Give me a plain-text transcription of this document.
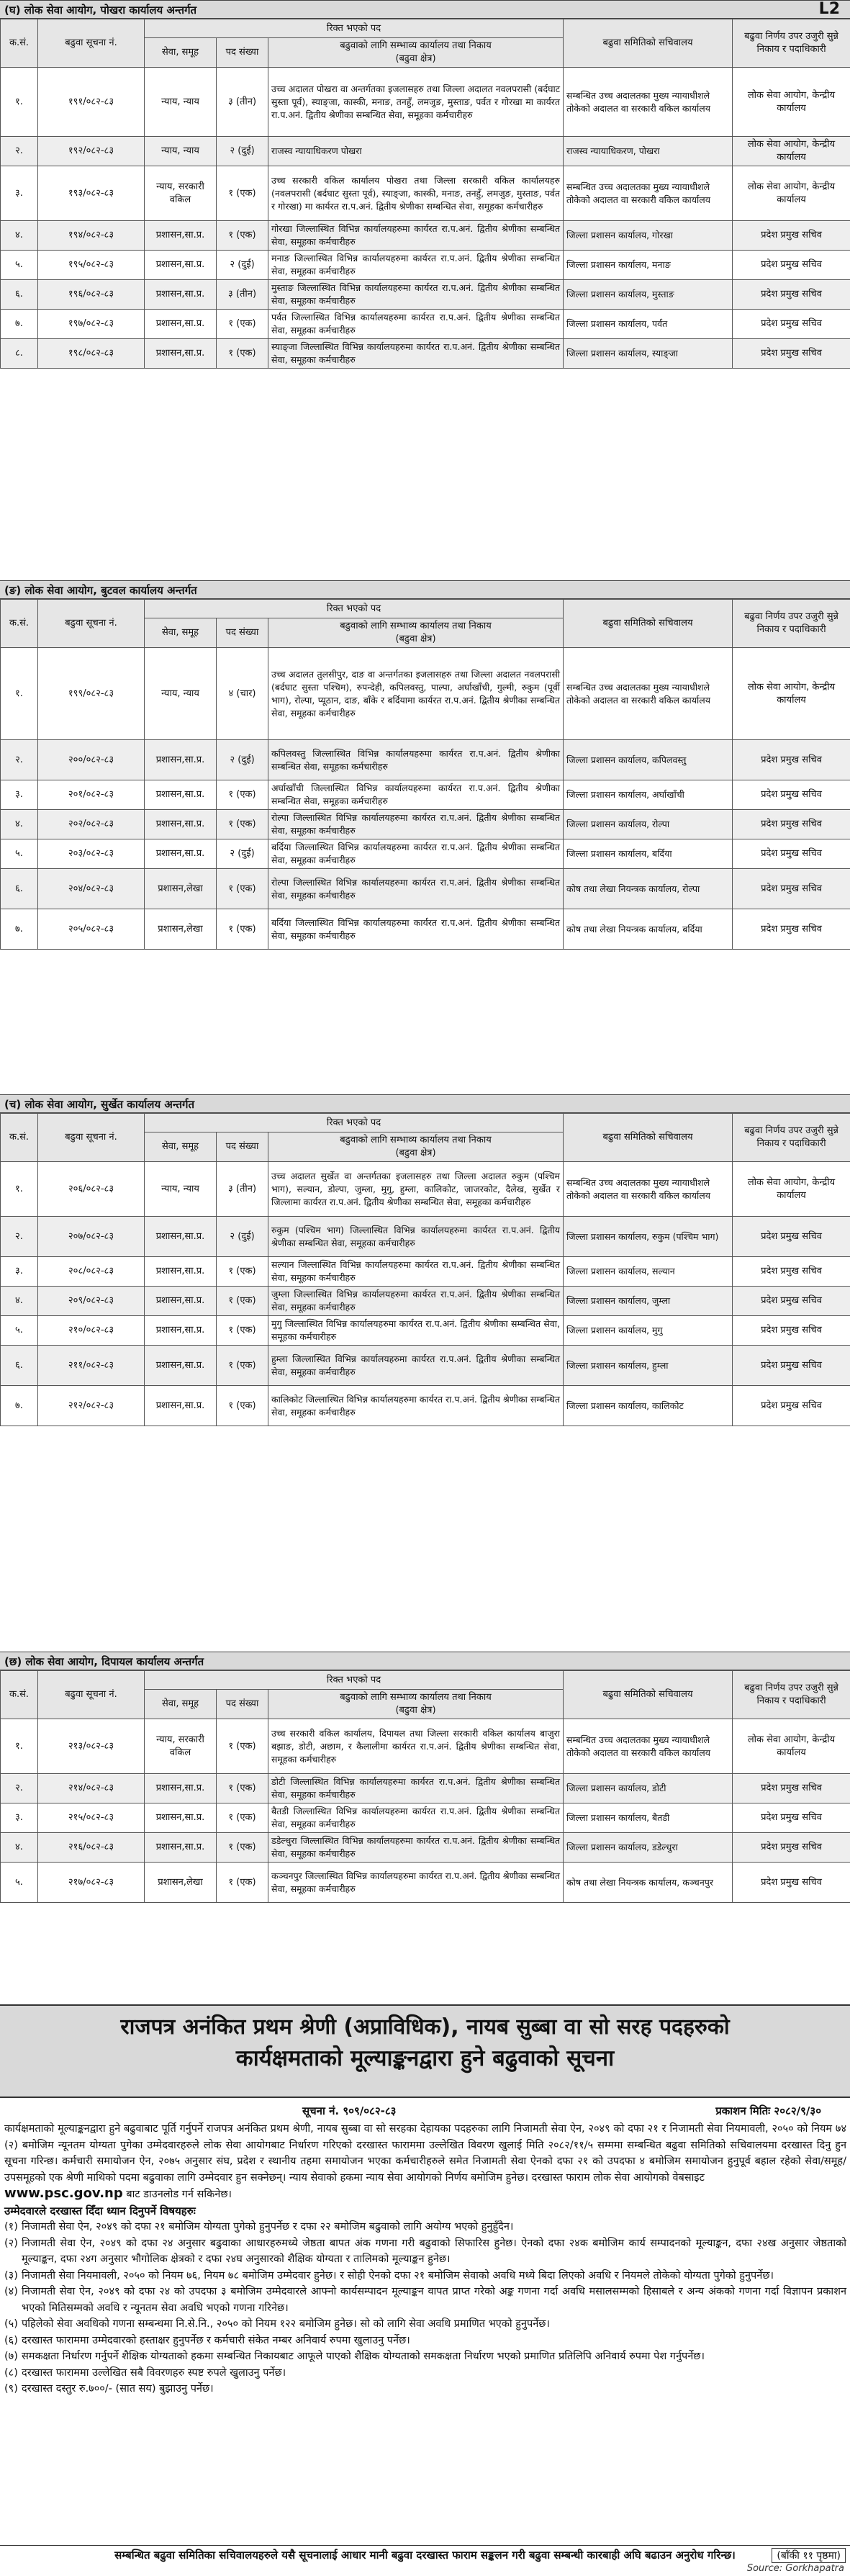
(घ) लोक सेवा आयोग, पोखरा कार्यालय अन्तर्गत	L2
क.सं.	बढुवा सूचना नं.	रिक्त भएको पद			बढुवा समितिको सचिवालय	बढुवा निर्णय उपर उजुरी सुन्ने निकाय र पदाधिकारी
		सेवा, समूह	पद संख्या	बढुवाको लागि सम्भाव्य कार्यालय तथा निकाय
(बढुवा क्षेत्र)		

१.	१९१/०८२-८३	न्याय, न्याय	३ (तीन)	उच्च अदालत पोखरा वा अन्तर्गतका इजलासहरु तथा जिल्ला अदालत नवलपरासी (बर्दघाट सुस्ता पूर्व), स्याङ्जा, कास्की, मनाङ, तनहुँ, लमजुङ, मुस्ताङ, पर्वत र गोरखा मा कार्यरत रा.प.अनं. द्वितीय श्रेणीका सम्बन्धित सेवा, समूहका कर्मचारीहरु	सम्बन्धित उच्च अदालतका मुख्य न्यायाधीशले तोकेको अदालत वा सरकारी वकिल कार्यालय	लोक सेवा आयोग, केन्द्रीय कार्यालय
२.	१९२/०८२-८३	न्याय, न्याय	२ (दुई)	राजस्व न्यायाधिकरण पोखरा	राजस्व न्यायाधिकरण, पोखरा	लोक सेवा आयोग, केन्द्रीय कार्यालय
३.	१९३/०८२-८३	न्याय, सरकारी वकिल	१ (एक)	उच्च सरकारी वकिल कार्यालय पोखरा तथा जिल्ला सरकारी वकिल कार्यालयहरु (नवलपरासी (बर्दघाट सुस्ता पूर्व), स्याङ्जा, कास्की, मनाङ, तनहुँ, लमजुङ, मुस्ताङ, पर्वत र गोरखा) मा कार्यरत रा.प.अनं. द्वितीय श्रेणीका सम्बन्धित सेवा, समूहका कर्मचारीहरु	सम्बन्धित उच्च अदालतका मुख्य न्यायाधीशले तोकेको अदालत वा सरकारी वकिल कार्यालय	लोक सेवा आयोग, केन्द्रीय कार्यालय
४.	१९४/०८२-८३	प्रशासन,सा.प्र.	१ (एक)	गोरखा जिल्लास्थित विभिन्न कार्यालयहरुमा कार्यरत रा.प.अनं. द्वितीय श्रेणीका सम्बन्धित सेवा, समूहका कर्मचारीहरु	जिल्ला प्रशासन कार्यालय, गोरखा	प्रदेश प्रमुख सचिव
५.	१९५/०८२-८३	प्रशासन,सा.प्र.	२ (दुई)	मनाङ जिल्लास्थित विभिन्न कार्यालयहरुमा कार्यरत रा.प.अनं. द्वितीय श्रेणीका सम्बन्धित सेवा, समूहका कर्मचारीहरु	जिल्ला प्रशासन कार्यालय, मनाङ	प्रदेश प्रमुख सचिव
६.	१९६/०८२-८३	प्रशासन,सा.प्र.	३ (तीन)	मुस्ताङ जिल्लास्थित विभिन्न कार्यालयहरुमा कार्यरत रा.प.अनं. द्वितीय श्रेणीका सम्बन्धित सेवा, समूहका कर्मचारीहरु	जिल्ला प्रशासन कार्यालय, मुस्ताङ	प्रदेश प्रमुख सचिव
७.	१९७/०८२-८३	प्रशासन,सा.प्र.	१ (एक)	पर्वत जिल्लास्थित विभिन्न कार्यालयहरुमा कार्यरत रा.प.अनं. द्वितीय श्रेणीका सम्बन्धित सेवा, समूहका कर्मचारीहरु	जिल्ला प्रशासन कार्यालय, पर्वत	प्रदेश प्रमुख सचिव
८.	१९८/०८२-८३	प्रशासन,सा.प्र.	१ (एक)	स्याङ्जा जिल्लास्थित विभिन्न कार्यालयहरुमा कार्यरत रा.प.अनं. द्वितीय श्रेणीका सम्बन्धित सेवा, समूहका कर्मचारीहरु	जिल्ला प्रशासन कार्यालय, स्याङ्जा	प्रदेश प्रमुख सचिव
(ङ) लोक सेवा आयोग, बुटवल कार्यालय अन्तर्गत
क.सं.	बढुवा सूचना नं.	रिक्त भएको पद			बढुवा समितिको सचिवालय	बढुवा निर्णय उपर उजुरी सुन्ने निकाय र पदाधिकारी
		सेवा, समूह	पद संख्या	बढुवाको लागि सम्भाव्य कार्यालय तथा निकाय
(बढुवा क्षेत्र)		

१.	१९९/०८२-८३	न्याय, न्याय	४ (चार)	उच्च अदालत तुलसीपुर, दाङ वा अन्तर्गतका इजलासहरु तथा जिल्ला अदालत नवलपरासी (बर्दघाट सुस्ता पश्चिम), रुपन्देही, कपिलवस्तु, पाल्पा, अर्घाखाँची, गुल्मी, रुकुम (पूर्वी भाग), रोल्पा, प्यूठान, दाङ, बाँके र बर्दियामा कार्यरत रा.प.अनं. द्वितीय श्रेणीका सम्बन्धित सेवा, समूहका कर्मचारीहरु	सम्बन्धित उच्च अदालतका मुख्य न्यायाधीशले तोकेको अदालत वा सरकारी वकिल कार्यालय	लोक सेवा आयोग, केन्द्रीय कार्यालय
२.	२००/०८२-८३	प्रशासन,सा.प्र.	२ (दुई)	कपिलवस्तु जिल्लास्थित विभिन्न कार्यालयहरुमा कार्यरत रा.प.अनं. द्वितीय श्रेणीका सम्बन्धित सेवा, समूहका कर्मचारीहरु	जिल्ला प्रशासन कार्यालय, कपिलवस्तु	प्रदेश प्रमुख सचिव
३.	२०१/०८२-८३	प्रशासन,सा.प्र.	१ (एक)	अर्घाखाँची जिल्लास्थित विभिन्न कार्यालयहरुमा कार्यरत रा.प.अनं. द्वितीय श्रेणीका सम्बन्धित सेवा, समूहका कर्मचारीहरु	जिल्ला प्रशासन कार्यालय, अर्घाखाँची	प्रदेश प्रमुख सचिव
४.	२०२/०८२-८३	प्रशासन,सा.प्र.	१ (एक)	रोल्पा जिल्लास्थित विभिन्न कार्यालयहरुमा कार्यरत रा.प.अनं. द्वितीय श्रेणीका सम्बन्धित सेवा, समूहका कर्मचारीहरु	जिल्ला प्रशासन कार्यालय, रोल्पा	प्रदेश प्रमुख सचिव
५.	२०३/०८२-८३	प्रशासन,सा.प्र.	२ (दुई)	बर्दिया जिल्लास्थित विभिन्न कार्यालयहरुमा कार्यरत रा.प.अनं. द्वितीय श्रेणीका सम्बन्धित सेवा, समूहका कर्मचारीहरु	जिल्ला प्रशासन कार्यालय, बर्दिया	प्रदेश प्रमुख सचिव
६.	२०४/०८२-८३	प्रशासन,लेखा	१ (एक)	रोल्पा जिल्लास्थित विभिन्न कार्यालयहरुमा कार्यरत रा.प.अनं. द्वितीय श्रेणीका सम्बन्धित सेवा, समूहका कर्मचारीहरु	कोष तथा लेखा नियन्त्रक कार्यालय, रोल्पा	प्रदेश प्रमुख सचिव
७.	२०५/०८२-८३	प्रशासन,लेखा	१ (एक)	बर्दिया जिल्लास्थित विभिन्न कार्यालयहरुमा कार्यरत रा.प.अनं. द्वितीय श्रेणीका सम्बन्धित सेवा, समूहका कर्मचारीहरु	कोष तथा लेखा नियन्त्रक कार्यालय, बर्दिया	प्रदेश प्रमुख सचिव
(च) लोक सेवा आयोग, सुर्खेत कार्यालय अन्तर्गत
क.सं.	बढुवा सूचना नं.	रिक्त भएको पद			बढुवा समितिको सचिवालय	बढुवा निर्णय उपर उजुरी सुन्ने निकाय र पदाधिकारी
		सेवा, समूह	पद संख्या	बढुवाको लागि सम्भाव्य कार्यालय तथा निकाय
(बढुवा क्षेत्र)		

१.	२०६/०८२-८३	न्याय, न्याय	३ (तीन)	उच्च अदालत सुर्खेत वा अन्तर्गतका इजलासहरु तथा जिल्ला अदालत रुकुम (पश्चिम भाग), सल्यान, डोल्पा, जुम्ला, मुगु, हुम्ला, कालिकोट, जाजरकोट, दैलेख, सुर्खेत र जिल्लामा कार्यरत रा.प.अनं. द्वितीय श्रेणीका सम्बन्धित सेवा, समूहका कर्मचारीहरु	सम्बन्धित उच्च अदालतका मुख्य न्यायाधीशले तोकेको अदालत वा सरकारी वकिल कार्यालय	लोक सेवा आयोग, केन्द्रीय कार्यालय
२.	२०७/०८२-८३	प्रशासन,सा.प्र.	२ (दुई)	रुकुम (पश्चिम भाग) जिल्लास्थित विभिन्न कार्यालयहरुमा कार्यरत रा.प.अनं. द्वितीय श्रेणीका सम्बन्धित सेवा, समूहका कर्मचारीहरु	जिल्ला प्रशासन कार्यालय, रुकुम (पश्चिम भाग)	प्रदेश प्रमुख सचिव
३.	२०८/०८२-८३	प्रशासन,सा.प्र.	१ (एक)	सल्यान जिल्लास्थित विभिन्न कार्यालयहरुमा कार्यरत रा.प.अनं. द्वितीय श्रेणीका सम्बन्धित सेवा, समूहका कर्मचारीहरु	जिल्ला प्रशासन कार्यालय, सल्यान	प्रदेश प्रमुख सचिव
४.	२०९/०८२-८३	प्रशासन,सा.प्र.	१ (एक)	जुम्ला जिल्लास्थित विभिन्न कार्यालयहरुमा कार्यरत रा.प.अनं. द्वितीय श्रेणीका सम्बन्धित सेवा, समूहका कर्मचारीहरु	जिल्ला प्रशासन कार्यालय, जुम्ला	प्रदेश प्रमुख सचिव
५.	२१०/०८२-८३	प्रशासन,सा.प्र.	१ (एक)	मुगु जिल्लास्थित विभिन्न कार्यालयहरुमा कार्यरत रा.प.अनं. द्वितीय श्रेणीका सम्बन्धित सेवा, समूहका कर्मचारीहरु	जिल्ला प्रशासन कार्यालय, मुगु	प्रदेश प्रमुख सचिव
६.	२११/०८२-८३	प्रशासन,सा.प्र.	१ (एक)	हुम्ला जिल्लास्थित विभिन्न कार्यालयहरुमा कार्यरत रा.प.अनं. द्वितीय श्रेणीका सम्बन्धित सेवा, समूहका कर्मचारीहरु	जिल्ला प्रशासन कार्यालय, हुम्ला	प्रदेश प्रमुख सचिव
७.	२१२/०८२-८३	प्रशासन,सा.प्र.	१ (एक)	कालिकोट जिल्लास्थित विभिन्न कार्यालयहरुमा कार्यरत रा.प.अनं. द्वितीय श्रेणीका सम्बन्धित सेवा, समूहका कर्मचारीहरु	जिल्ला प्रशासन कार्यालय, कालिकोट	प्रदेश प्रमुख सचिव
(छ) लोक सेवा आयोग, दिपायल कार्यालय अन्तर्गत
क.सं.	बढुवा सूचना नं.	रिक्त भएको पद			बढुवा समितिको सचिवालय	बढुवा निर्णय उपर उजुरी सुन्ने निकाय र पदाधिकारी
		सेवा, समूह	पद संख्या	बढुवाको लागि सम्भाव्य कार्यालय तथा निकाय
(बढुवा क्षेत्र)		

१.	२१३/०८२-८३	न्याय, सरकारी वकिल	१ (एक)	उच्च सरकारी वकिल कार्यालय, दिपायल तथा जिल्ला सरकारी वकिल कार्यालय बाजुरा बझाङ, डोटी, अछाम, र कैलालीमा कार्यरत रा.प.अनं. द्वितीय श्रेणीका सम्बन्धित सेवा, समूहका कर्मचारीहरु	सम्बन्धित उच्च अदालतका मुख्य न्यायाधीशले तोकेको अदालत वा सरकारी वकिल कार्यालय	लोक सेवा आयोग, केन्द्रीय कार्यालय
२.	२१४/०८२-८३	प्रशासन,सा.प्र.	१ (एक)	डोटी जिल्लास्थित विभिन्न कार्यालयहरुमा कार्यरत रा.प.अनं. द्वितीय श्रेणीका सम्बन्धित सेवा, समूहका कर्मचारीहरु	जिल्ला प्रशासन कार्यालय, डोटी	प्रदेश प्रमुख सचिव
३.	२१५/०८२-८३	प्रशासन,सा.प्र.	१ (एक)	बैतडी जिल्लास्थित विभिन्न कार्यालयहरुमा कार्यरत रा.प.अनं. द्वितीय श्रेणीका सम्बन्धित सेवा, समूहका कर्मचारीहरु	जिल्ला प्रशासन कार्यालय, बैतडी	प्रदेश प्रमुख सचिव
४.	२१६/०८२-८३	प्रशासन,सा.प्र.	१ (एक)	डडेल्धुरा जिल्लास्थित विभिन्न कार्यालयहरुमा कार्यरत रा.प.अनं. द्वितीय श्रेणीका सम्बन्धित सेवा, समूहका कर्मचारीहरु	जिल्ला प्रशासन कार्यालय, डडेल्धुरा	प्रदेश प्रमुख सचिव
५.	२१७/०८२-८३	प्रशासन,लेखा	१ (एक)	कञ्चनपुर जिल्लास्थित विभिन्न कार्यालयहरुमा कार्यरत रा.प.अनं. द्वितीय श्रेणीका सम्बन्धित सेवा, समूहका कर्मचारीहरु	कोष तथा लेखा नियन्त्रक कार्यालय, कञ्चनपुर	प्रदेश प्रमुख सचिव
राजपत्र अनंकित प्रथम श्रेणी (अप्राविधिक), नायब सुब्बा वा सो सरह पदहरुको
कार्यक्षमताको मूल्याङ्कनद्वारा हुने बढुवाको सूचना
सूचना नं. ९०९/०८२-८३	प्रकाशन मितिः २०८२/९/३०

कार्यक्षमताको मूल्याङ्कनद्वारा हुने बढुवाबाट पूर्ति गर्नुपर्ने राजपत्र अनंकित प्रथम श्रेणी, नायब सुब्बा वा सो सरहका देहायका पदहरुका लागि निजामती सेवा ऐन, २०४९ को दफा २१ र निजामती सेवा नियमावली, २०५० को नियम ७४ (२) बमोजिम न्यूनतम योग्यता पुगेका उम्मेदवारहरुले लोक सेवा आयोगबाट निर्धारण गरिएको दरखास्त फाराममा उल्लेखित विवरण खुलाई मिति २०८२/११/५ सम्ममा सम्बन्धित बढुवा समितिको सचिवालयमा दरखास्त दिनु हुन सूचना गरिन्छ। कर्मचारी समायोजन ऐन, २०७५ अनुसार संघ, प्रदेश र स्थानीय तहमा समायोजन भएका कर्मचारीहरुले समेत निजामती सेवा ऐनको दफा २१ को उपदफा ४ बमोजिम समायोजन हुनुपूर्व बहाल रहेको सेवा/समूह/उपसमूहको एक श्रेणी माथिको पदमा बढुवाका लागि उम्मेदवार हुन सक्नेछन्। न्याय सेवाको हकमा न्याय सेवा आयोगको निर्णय बमोजिम हुनेछ। दरखास्त फाराम लोक सेवा आयोगको वेबसाइट

www.psc.gov.np बाट डाउनलोड गर्न सकिनेछ।

उम्मेदवारले दरखास्त दिँदा ध्यान दिनुपर्ने विषयहरुः

(१) निजामती सेवा ऐन, २०४९ को दफा २१ बमोजिम योग्यता पुगेको हुनुपर्नेछ र दफा २२ बमोजिम बढुवाको लागि अयोग्य भएको हुनुहुँदैन।
(२) निजामती सेवा ऐन, २०४९ को दफा २४ अनुसार बढुवाका आधारहरुमध्ये जेष्ठता बापत अंक गणना गरी बढुवाको सिफारिस हुनेछ। ऐनको दफा २४क बमोजिम कार्य सम्पादनको मूल्याङ्कन, दफा २४ख अनुसार जेष्ठताको मूल्याङ्कन, दफा २४ग अनुसार भौगोलिक क्षेत्रको र दफा २४घ अनुसारको शैक्षिक योग्यता र तालिमको मूल्याङ्कन हुनेछ।
(३) निजामती सेवा नियमावली, २०५० को नियम ७६, नियम ७८ बमोजिम उम्मेदवार हुनेछ। र सोही ऐनको दफा २१ बमोजिम सेवाको अवधि मध्ये बिदा लिएको अवधि र नियमले तोकेको योग्यता पुगेको हुनुपर्नेछ।
(४) निजामती सेवा ऐन, २०४९ को दफा २४ को उपदफा ३ बमोजिम उम्मेदवारले आफ्नो कार्यसम्पादन मूल्याङ्कन वापत प्राप्त गरेको अङ्क गणना गर्दा अवधि मसालसम्मको हिसाबले र अन्य अंकको गणना गर्दा विज्ञापन प्रकाशन भएको मितिसम्मको अवधि र न्यूनतम सेवा अवधि भएको गणना गरिनेछ।
(५) पहिलेको सेवा अवधिको गणना सम्बन्धमा नि.से.नि., २०५० को नियम १२२ बमोजिम हुनेछ। सो को लागि सेवा अवधि प्रमाणित भएको हुनुपर्नेछ।
(६) दरखास्त फाराममा उम्मेदवारको हस्ताक्षर हुनुपर्नेछ र कर्मचारी संकेत नम्बर अनिवार्य रुपमा खुलाउनु पर्नेछ।
(७) समकक्षता निर्धारण गर्नुपर्ने शैक्षिक योग्यताको हकमा सम्बन्धित निकायबाट आफूले पाएको शैक्षिक योग्यताको समकक्षता निर्धारण भएको प्रमाणित प्रतिलिपि अनिवार्य रुपमा पेश गर्नुपर्नेछ।
(८) दरखास्त फाराममा उल्लेखित सबै विवरणहरु स्पष्ट रुपले खुलाउनु पर्नेछ।
(९) दरखास्त दस्तुर रु.७००/- (सात सय) बुझाउनु पर्नेछ।
सम्बन्धित बढुवा समितिका सचिवालयहरुले यसै सूचनालाई आधार मानी बढुवा दरखास्त फाराम सङ्कलन गरी बढुवा सम्बन्धी कारबाही अघि बढाउन अनुरोध गरिन्छ।	(बाँकी ११ पृष्ठमा)
Source: Gorkhapatra
